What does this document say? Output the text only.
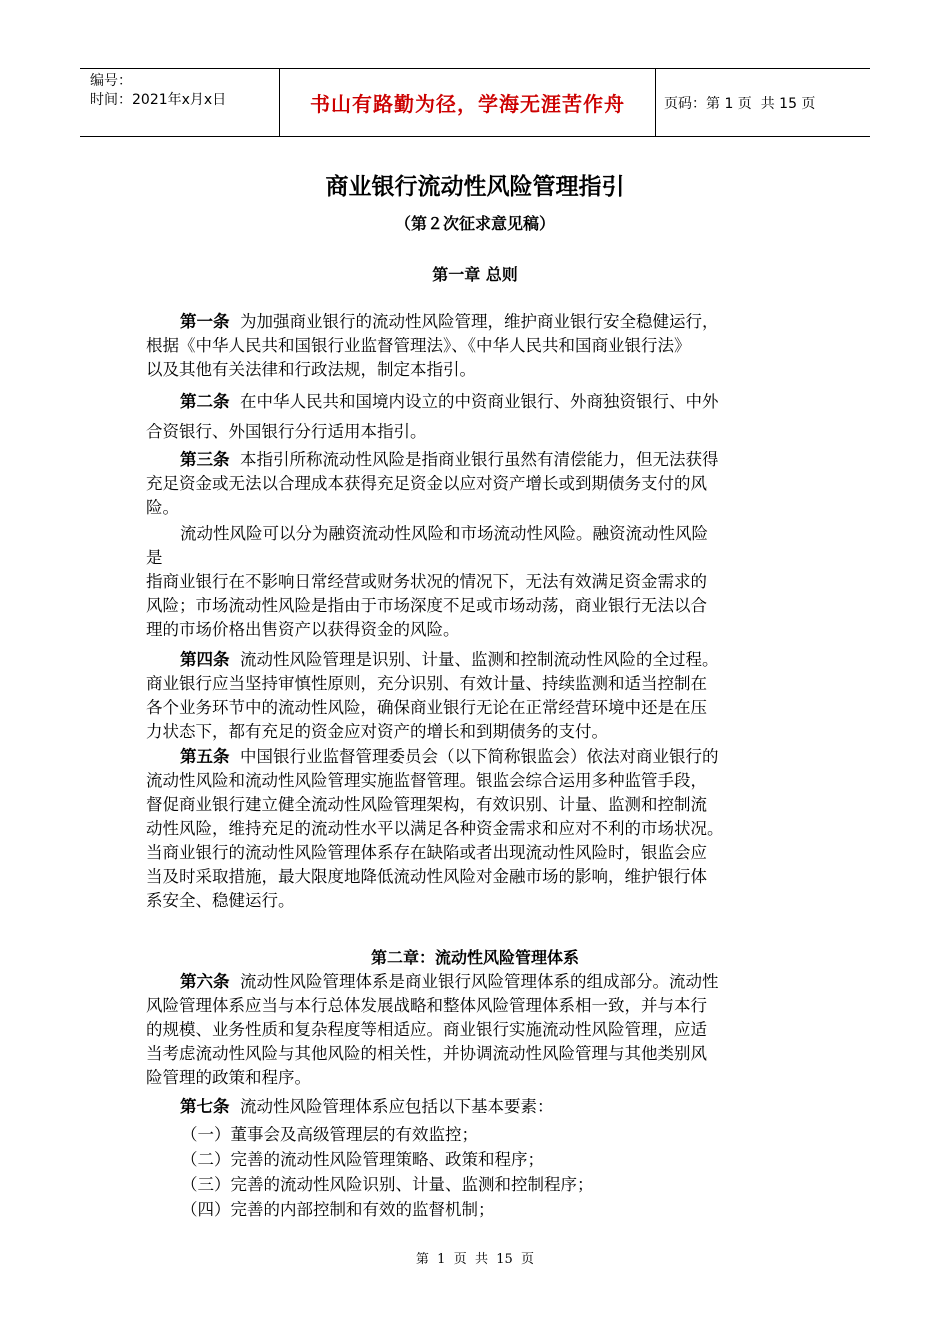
编号：
时间：2021年x月x日	书山有路勤为径，学海无涯苦作舟	页码：第 1 页  共 15 页
商业银行流动性风险管理指引
（第２次征求意见稿）
第一章 总则
第一条 为加强商业银行的流动性风险管理，维护商业银行安全稳健运行，
根据《中华人民共和国银行业监督管理法》、《中华人民共和国商业银行法》
以及其他有关法律和行政法规，制定本指引。
第二条 在中华人民共和国境内设立的中资商业银行、外商独资银行、中外
合资银行、外国银行分行适用本指引。
第三条 本指引所称流动性风险是指商业银行虽然有清偿能力，但无法获得
充足资金或无法以合理成本获得充足资金以应对资产增长或到期债务支付的风
险。
流动性风险可以分为融资流动性风险和市场流动性风险。融资流动性风险
是
指商业银行在不影响日常经营或财务状况的情况下，无法有效满足资金需求的
风险；市场流动性风险是指由于市场深度不足或市场动荡，商业银行无法以合
理的市场价格出售资产以获得资金的风险。
第四条 流动性风险管理是识别、计量、监测和控制流动性风险的全过程。
商业银行应当坚持审慎性原则，充分识别、有效计量、持续监测和适当控制在
各个业务环节中的流动性风险，确保商业银行无论在正常经营环境中还是在压
力状态下，都有充足的资金应对资产的增长和到期债务的支付。
第五条 中国银行业监督管理委员会（以下简称银监会）依法对商业银行的
流动性风险和流动性风险管理实施监督管理。银监会综合运用多种监管手段，
督促商业银行建立健全流动性风险管理架构，有效识别、计量、监测和控制流
动性风险，维持充足的流动性水平以满足各种资金需求和应对不利的市场状况。
当商业银行的流动性风险管理体系存在缺陷或者出现流动性风险时，银监会应
当及时采取措施，最大限度地降低流动性风险对金融市场的影响，维护银行体
系安全、稳健运行。
第二章：流动性风险管理体系
第六条 流动性风险管理体系是商业银行风险管理体系的组成部分。流动性
风险管理体系应当与本行总体发展战略和整体风险管理体系相一致，并与本行
的规模、业务性质和复杂程度等相适应。商业银行实施流动性风险管理，应适
当考虑流动性风险与其他风险的相关性，并协调流动性风险管理与其他类别风
险管理的政策和程序。
第七条 流动性风险管理体系应包括以下基本要素：
（一）董事会及高级管理层的有效监控；
（二）完善的流动性风险管理策略、政策和程序；
（三）完善的流动性风险识别、计量、监测和控制程序；
（四）完善的内部控制和有效的监督机制；
第  1  页  共  15  页
